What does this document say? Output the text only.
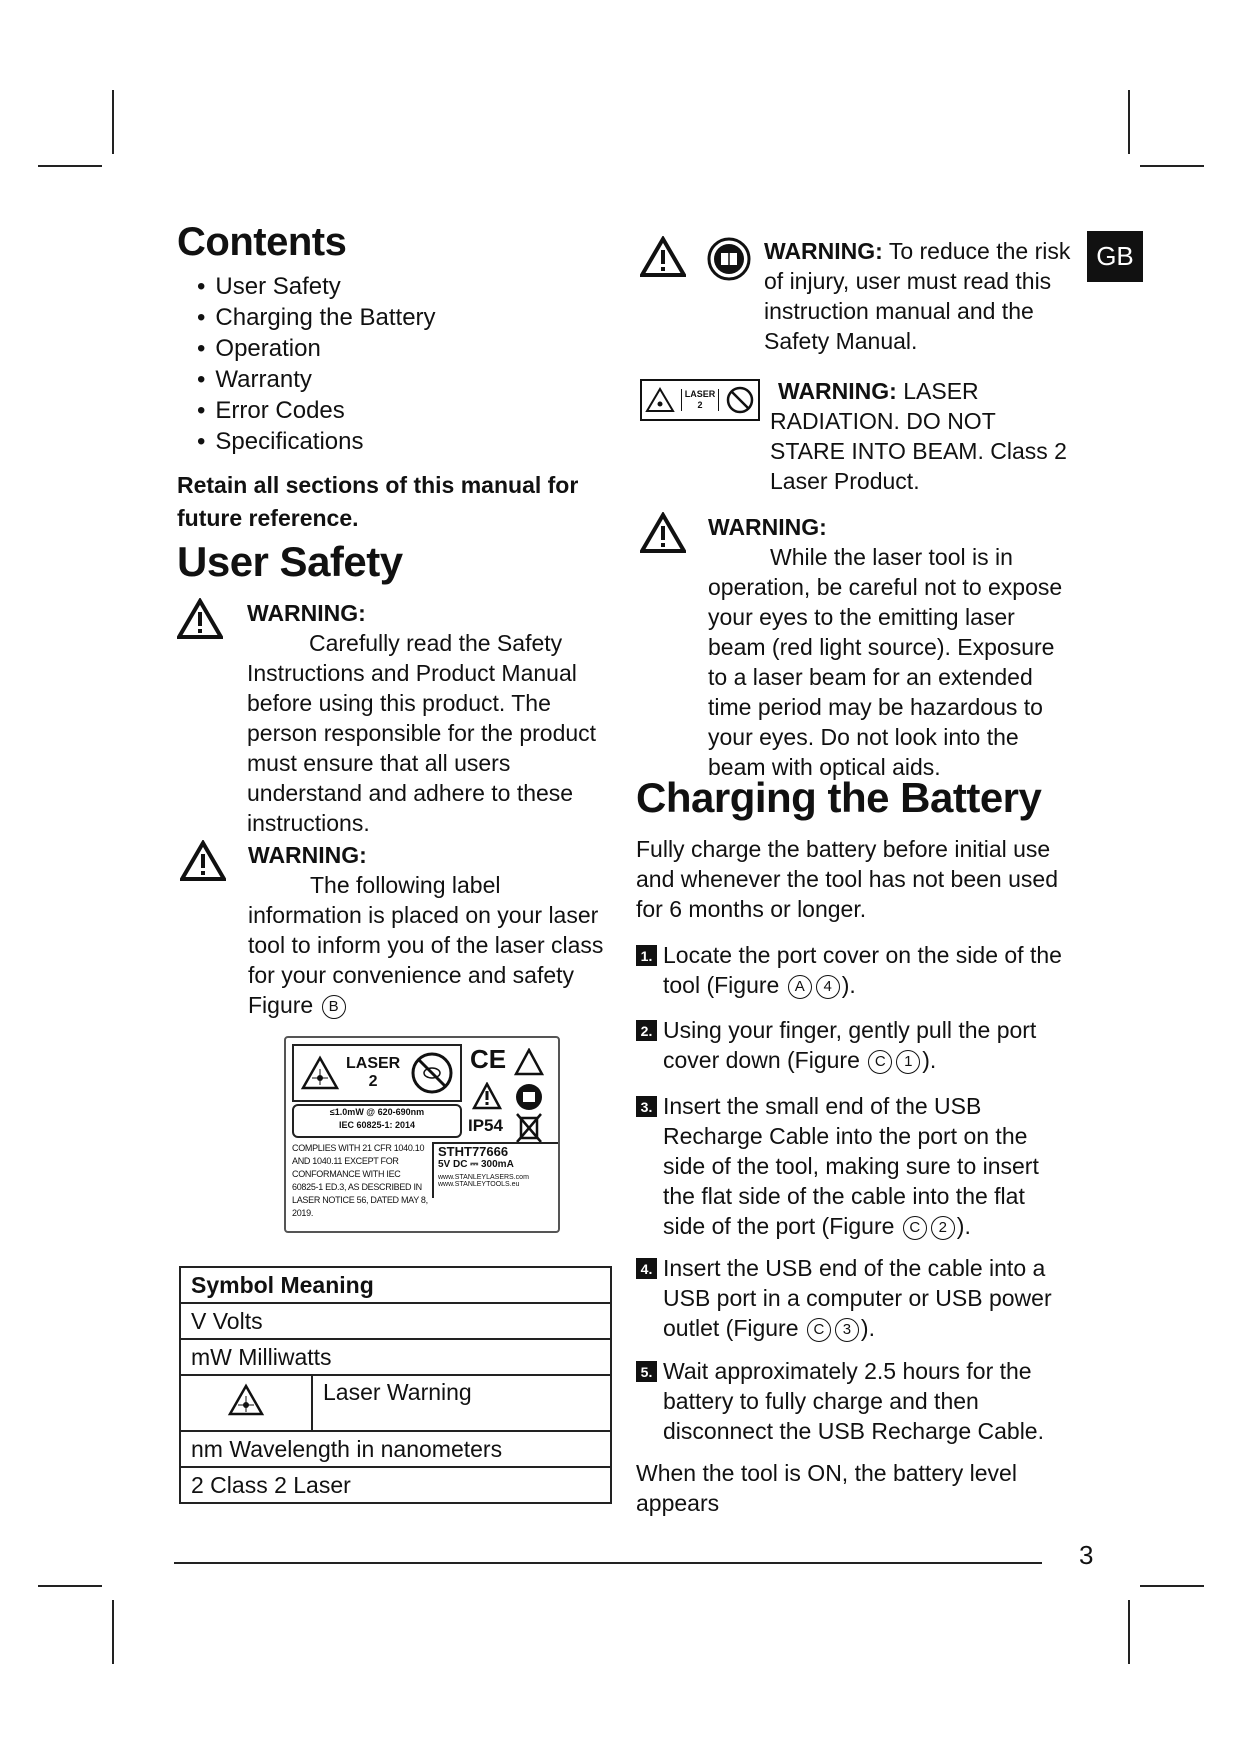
GB
Contents
• User Safety
• Charging the Battery
• Operation
• Warranty
• Error Codes
• Specifications
Retain all sections of this manual for future reference.
User Safety
WARNING:
Carefully read the Safety Instructions and Product Manual before using this product. The person responsible for the product must ensure that all users understand and adhere to these instructions.
WARNING:
The following label information is placed on your laser tool to inform you of the laser class for your convenience and safety Figure B
LASER
2
CE
≤1.0mW @ 620-690nm
IEC 60825-1: 2014	IP54
COMPLIES WITH 21 CFR 1040.10 AND 1040.11 EXCEPT FOR CONFORMANCE WITH IEC 60825-1 ED.3, AS DESCRIBED IN LASER NOTICE 56, DATED MAY 8, 2019.
STHT77666
5V DC ⎓ 300mA
www.STANLEYLASERS.com
www.STANLEYTOOLS.eu
Symbol Meaning
V Volts
mW Milliwatts
	Laser Warning
nm Wavelength in nanometers
2 Class 2 Laser
WARNING: To reduce the risk of injury, user must read this instruction manual and the Safety Manual.
LASER
2
WARNING: LASER RADIATION. DO NOT STARE INTO BEAM. Class 2 Laser Product.
WARNING:
While the laser tool is in operation, be careful not to expose your eyes to the emitting laser beam (red light source). Exposure to a laser beam for an extended time period may be hazardous to your eyes. Do not look into the beam with optical aids.
Charging the Battery
Fully charge the battery before initial use and whenever the tool has not been used for 6 months or longer.
1. Locate the port cover on the side of the tool (Figure A 4 ).
2. Using your finger, gently pull the port cover down (Figure C 1 ).
3. Insert the small end of the USB Recharge Cable into the port on the side of the tool, making sure to insert the flat side of the cable into the flat side of the port (Figure C 2 ).
4. Insert the USB end of the cable into a USB port in a computer or USB power outlet (Figure C 3 ).
5. Wait approximately 2.5 hours for the battery to fully charge and then disconnect the USB Recharge Cable.
When the tool is ON, the battery level appears
3
